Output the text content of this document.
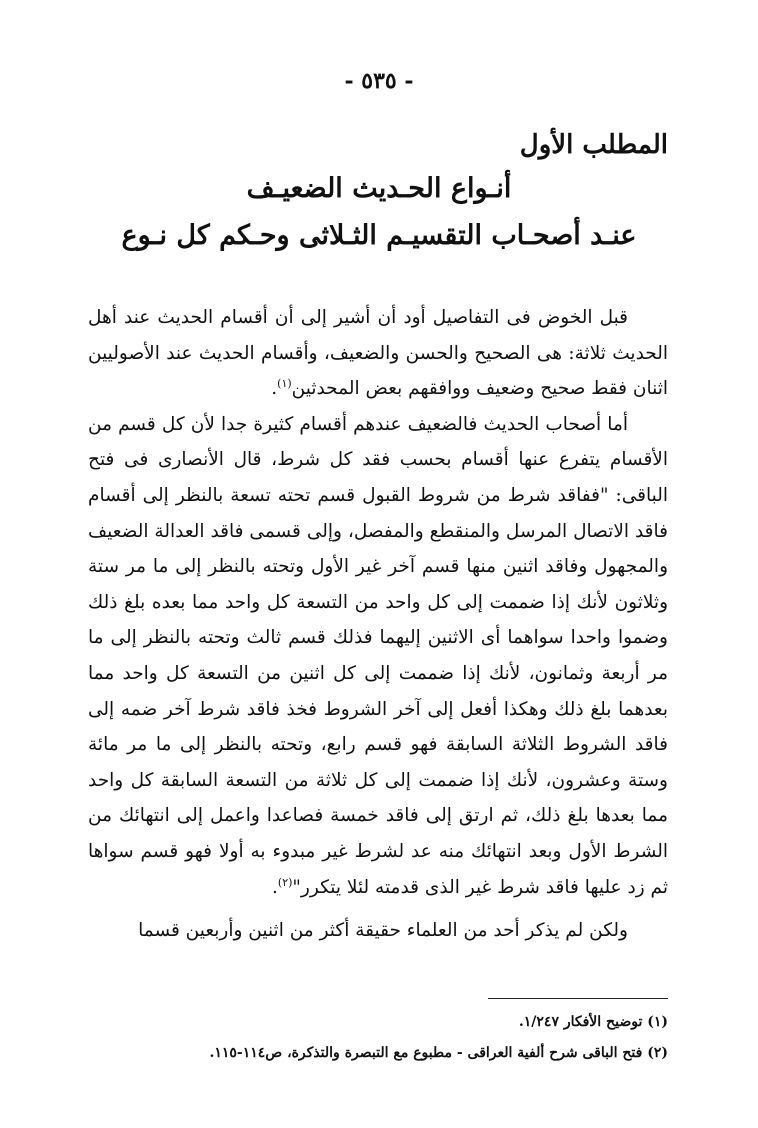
- ٥٣٥ -
المطلب الأول
أنـواع الحـديث الضعيـف
عنـد أصحـاب التقسيـم الثـلاثى وحـكم كل نـوع

قبل الخوض فى التفاصيل أود أن أشير إلى أن أقسام الحديث عند أهل الحديث ثلاثة: هى الصحيح والحسن والضعيف، وأقسام الحديث عند الأصوليين اثنان فقط صحيح وضعيف ووافقهم بعض المحدثين$^{(١)}$.

أما أصحاب الحديث فالضعيف عندهم أقسام كثيرة جدا لأن كل قسم من الأقسام يتفرع عنها أقسام بحسب فقد كل شرط، قال الأنصارى فى فتح الباقى: "ففاقد شرط من شروط القبول قسم تحته تسعة بالنظر إلى أقسام فاقد الاتصال المرسل والمنقطع والمفصل، وإلى قسمى فاقد العدالة الضعيف والمجهول وفاقد اثنين منها قسم آخر غير الأول وتحته بالنظر إلى ما مر ستة وثلاثون لأنك إذا ضممت إلى كل واحد من التسعة كل واحد مما بعده بلغ ذلك وضموا واحدا سواهما أى الاثنين إليهما فذلك قسم ثالث وتحته بالنظر إلى ما مر أربعة وثمانون، لأنك إذا ضممت إلى كل اثنين من التسعة كل واحد مما بعدهما بلغ ذلك وهكذا أفعل إلى آخر الشروط فخذ فاقد شرط آخر ضمه إلى فاقد الشروط الثلاثة السابقة فهو قسم رابع، وتحته بالنظر إلى ما مر مائة وستة وعشرون، لأنك إذا ضممت إلى كل ثلاثة من التسعة السابقة كل واحد مما بعدها بلغ ذلك، ثم ارتق إلى فاقد خمسة فصاعدا واعمل إلى انتهائك من الشرط الأول وبعد انتهائك منه عد لشرط غير مبدوء به أولا فهو قسم سواها ثم زد عليها فاقد شرط غير الذى قدمته لئلا يتكرر"$^{(٢)}$.

ولكن لم يذكر أحد من العلماء حقيقة أكثر من اثنين وأربعين قسما

(١) توضيح الأفكار ١/٢٤٧.
(٢) فتح الباقى شرح ألفية العراقى - مطبوع مع التبصرة والتذكرة، ص١١٤-١١٥.
